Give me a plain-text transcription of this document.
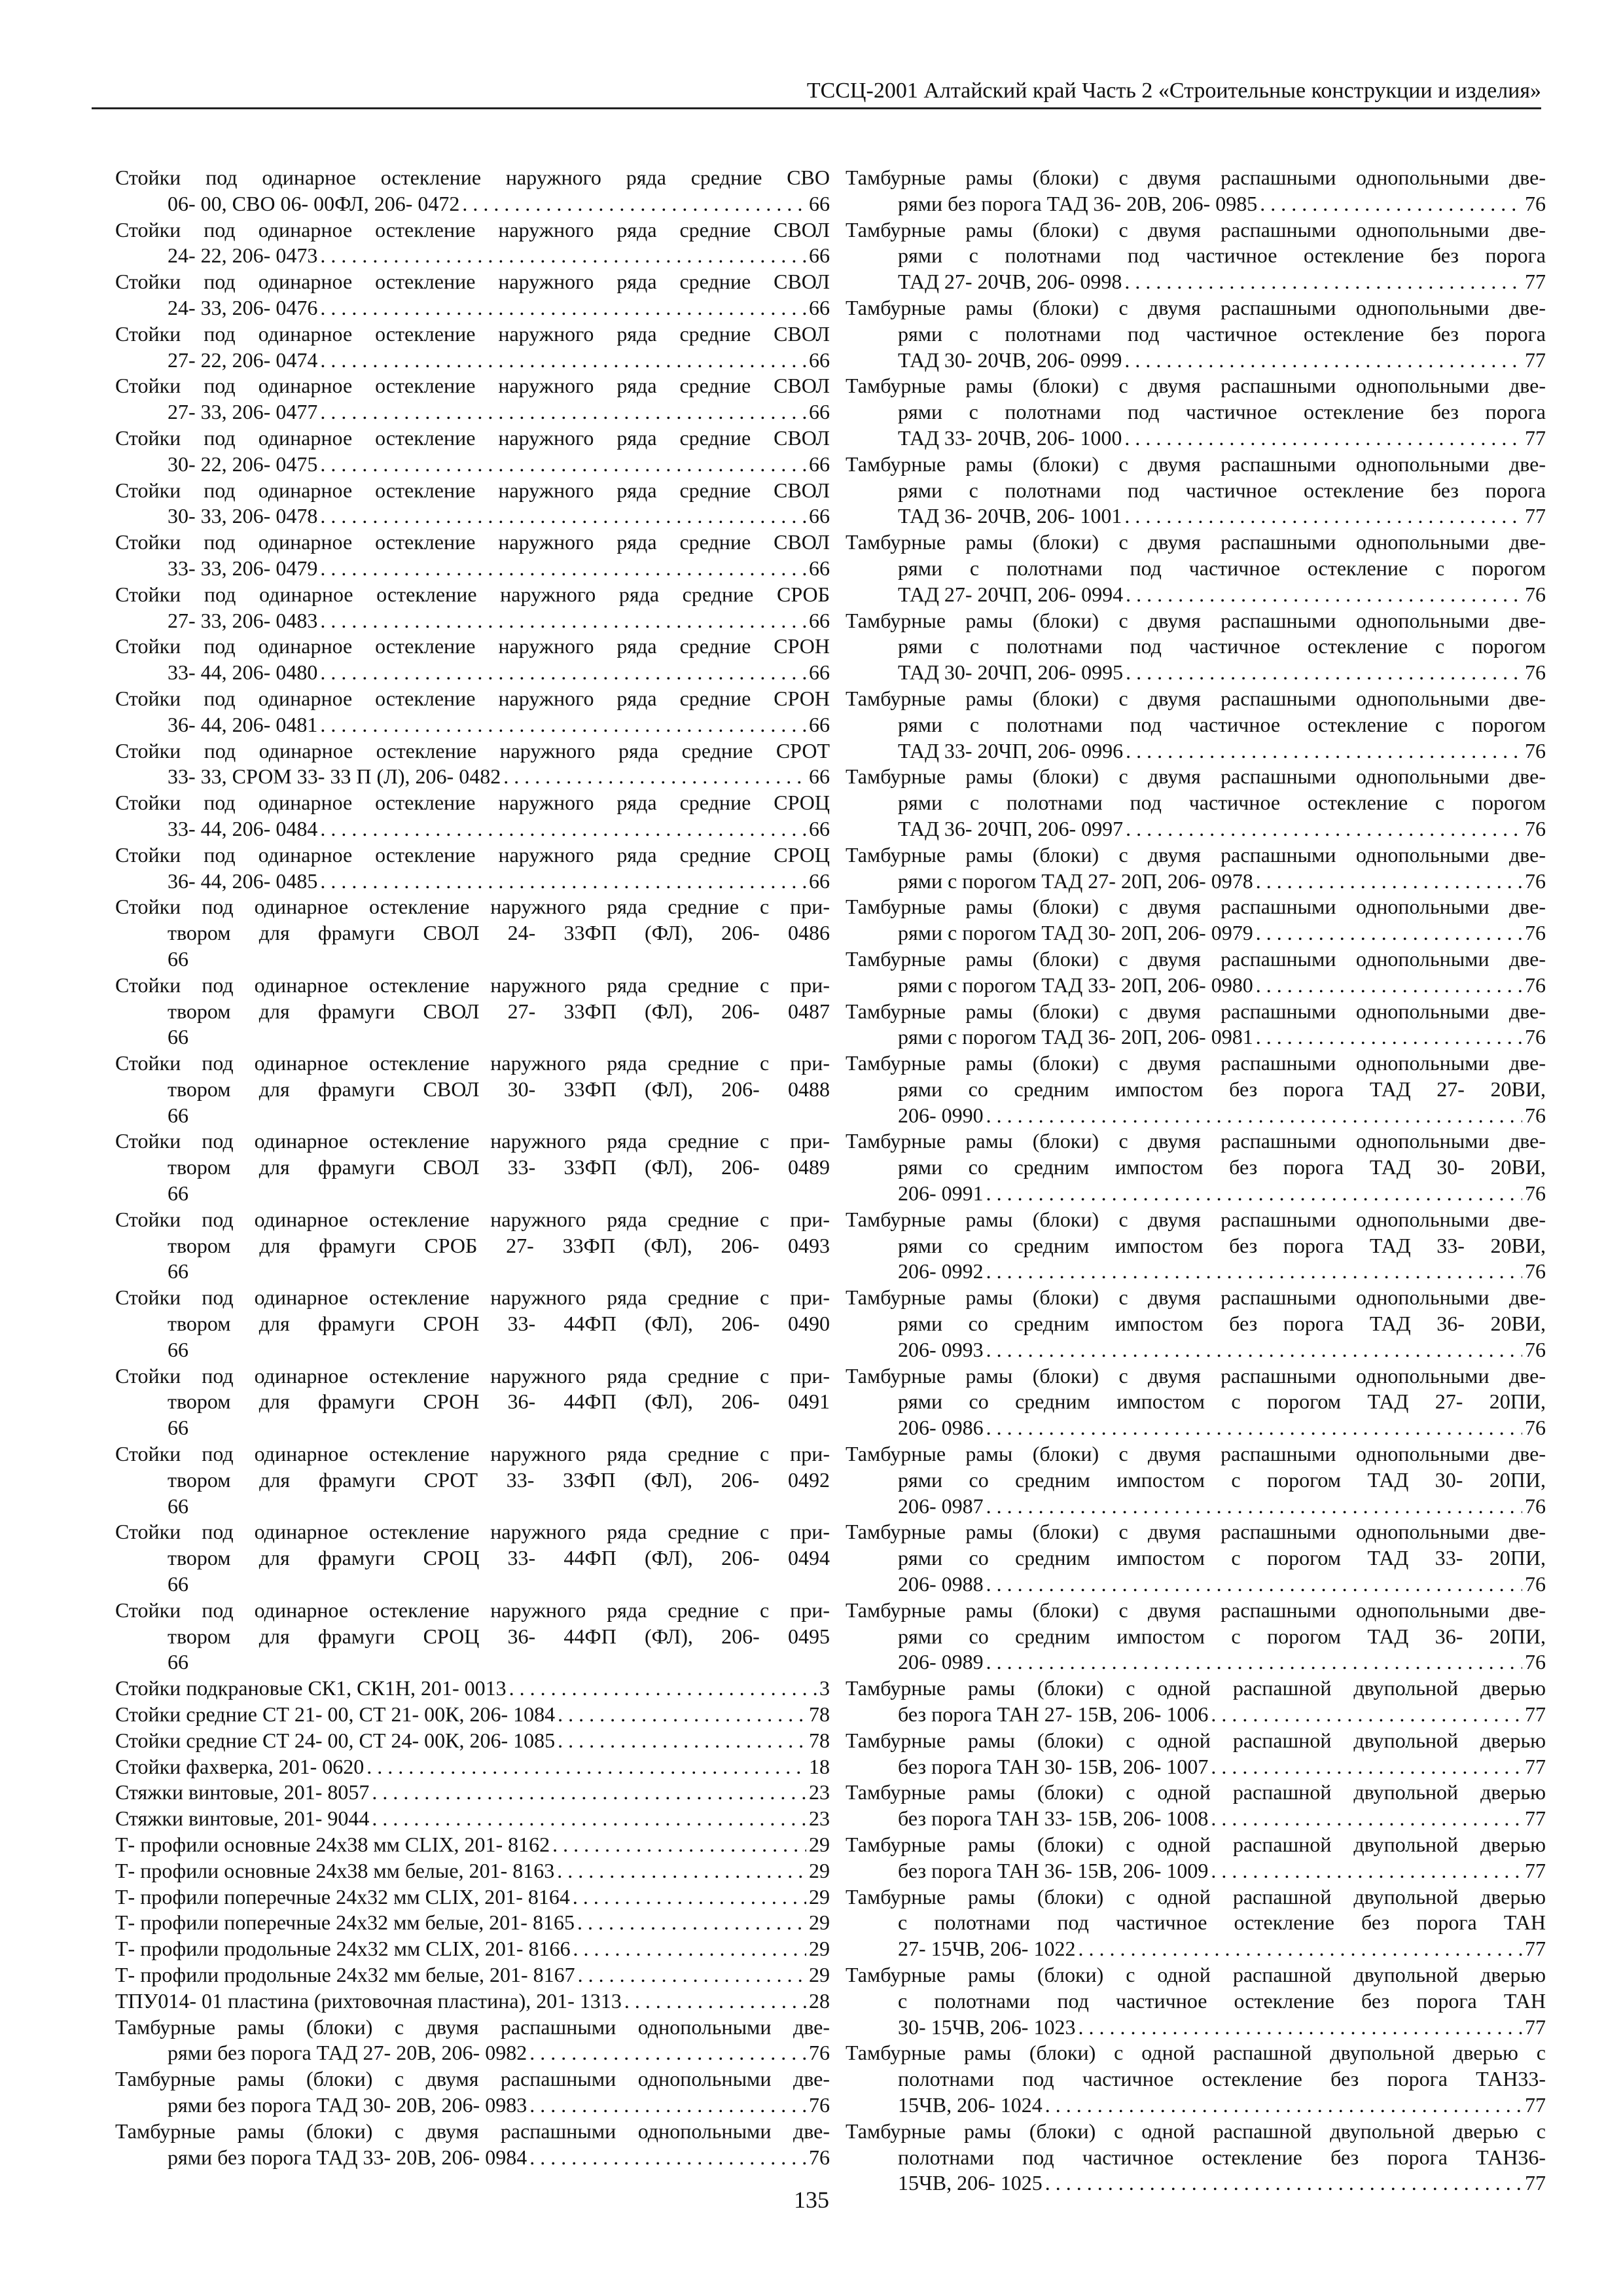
ТССЦ-2001 Алтайский край Часть 2 «Строительные конструкции и изделия»
Стойки под одинарное остекление наружного ряда средние СВО
06- 00, СВО 06- 00ФЛ, 206- 0472 . . .	66
Стойки под одинарное остекление наружного ряда средние СВОЛ
24- 22, 206- 0473 . . .	66
Стойки под одинарное остекление наружного ряда средние СВОЛ
24- 33, 206- 0476 . . .	66
Стойки под одинарное остекление наружного ряда средние СВОЛ
27- 22, 206- 0474 . . .	66
Стойки под одинарное остекление наружного ряда средние СВОЛ
27- 33, 206- 0477 . . .	66
Стойки под одинарное остекление наружного ряда средние СВОЛ
30- 22, 206- 0475 . . .	66
Стойки под одинарное остекление наружного ряда средние СВОЛ
30- 33, 206- 0478 . . .	66
Стойки под одинарное остекление наружного ряда средние СВОЛ
33- 33, 206- 0479 . . .	66
Стойки под одинарное остекление наружного ряда средние СРОБ
27- 33, 206- 0483 . . .	66
Стойки под одинарное остекление наружного ряда средние СРОН
33- 44, 206- 0480 . . .	66
Стойки под одинарное остекление наружного ряда средние СРОН
36- 44, 206- 0481 . . .	66
Стойки под одинарное остекление наружного ряда средние СРОТ
33- 33, СРОМ 33- 33 П (Л), 206- 0482 . . .	66
Стойки под одинарное остекление наружного ряда средние СРОЦ
33- 44, 206- 0484 . . .	66
Стойки под одинарное остекление наружного ряда средние СРОЦ
36- 44, 206- 0485 . . .	66
Стойки под одинарное остекление наружного ряда средние с при-
твором для фрамуги СВОЛ 24- 33ФП (ФЛ), 206- 0486
66
Стойки под одинарное остекление наружного ряда средние с при-
твором для фрамуги СВОЛ 27- 33ФП (ФЛ), 206- 0487
66
Стойки под одинарное остекление наружного ряда средние с при-
твором для фрамуги СВОЛ 30- 33ФП (ФЛ), 206- 0488
66
Стойки под одинарное остекление наружного ряда средние с при-
твором для фрамуги СВОЛ 33- 33ФП (ФЛ), 206- 0489
66
Стойки под одинарное остекление наружного ряда средние с при-
твором для фрамуги СРОБ 27- 33ФП (ФЛ), 206- 0493
66
Стойки под одинарное остекление наружного ряда средние с при-
твором для фрамуги СРОН 33- 44ФП (ФЛ), 206- 0490
66
Стойки под одинарное остекление наружного ряда средние с при-
твором для фрамуги СРОН 36- 44ФП (ФЛ), 206- 0491
66
Стойки под одинарное остекление наружного ряда средние с при-
твором для фрамуги СРОТ 33- 33ФП (ФЛ), 206- 0492
66
Стойки под одинарное остекление наружного ряда средние с при-
твором для фрамуги СРОЦ 33- 44ФП (ФЛ), 206- 0494
66
Стойки под одинарное остекление наружного ряда средние с при-
твором для фрамуги СРОЦ 36- 44ФП (ФЛ), 206- 0495
66
Стойки подкрановые СК1, СК1Н, 201- 0013 . . .	3
Стойки средние СТ 21- 00, СТ 21- 00К, 206- 1084 . . .	78
Стойки средние СТ 24- 00, СТ 24- 00К, 206- 1085 . . .	78
Стойки фахверка, 201- 0620 . . .	18
Стяжки винтовые, 201- 8057 . . .	23
Стяжки винтовые, 201- 9044 . . .	23
Т- профили основные 24х38 мм CLIX, 201- 8162 . . .	29
Т- профили основные 24х38 мм белые, 201- 8163 . . .	29
Т- профили поперечные 24х32 мм CLIX, 201- 8164 . . .	29
Т- профили поперечные 24х32 мм белые, 201- 8165 . . .	29
Т- профили продольные 24х32 мм CLIX, 201- 8166 . . .	29
Т- профили продольные 24х32 мм белые, 201- 8167 . . .	29
ТПУ014- 01 пластина (рихтовочная пластина), 201- 1313 . . .	28
Тамбурные рамы (блоки) с двумя распашными однопольными две-
рями без порога ТАД 27- 20В, 206- 0982 . . .	76
Тамбурные рамы (блоки) с двумя распашными однопольными две-
рями без порога ТАД 30- 20В, 206- 0983 . . .	76
Тамбурные рамы (блоки) с двумя распашными однопольными две-
рями без порога ТАД 33- 20В, 206- 0984 . . .	76
Тамбурные рамы (блоки) с двумя распашными однопольными две-
рями без порога ТАД 36- 20В, 206- 0985 . . .	76
Тамбурные рамы (блоки) с двумя распашными однопольными две-
рями с полотнами под частичное остекление без порога
ТАД 27- 20ЧВ, 206- 0998 . . .	77
Тамбурные рамы (блоки) с двумя распашными однопольными две-
рями с полотнами под частичное остекление без порога
ТАД 30- 20ЧВ, 206- 0999 . . .	77
Тамбурные рамы (блоки) с двумя распашными однопольными две-
рями с полотнами под частичное остекление без порога
ТАД 33- 20ЧВ, 206- 1000 . . .	77
Тамбурные рамы (блоки) с двумя распашными однопольными две-
рями с полотнами под частичное остекление без порога
ТАД 36- 20ЧВ, 206- 1001 . . .	77
Тамбурные рамы (блоки) с двумя распашными однопольными две-
рями с полотнами под частичное остекление с порогом
ТАД 27- 20ЧП, 206- 0994 . . .	76
Тамбурные рамы (блоки) с двумя распашными однопольными две-
рями с полотнами под частичное остекление с порогом
ТАД 30- 20ЧП, 206- 0995 . . .	76
Тамбурные рамы (блоки) с двумя распашными однопольными две-
рями с полотнами под частичное остекление с порогом
ТАД 33- 20ЧП, 206- 0996 . . .	76
Тамбурные рамы (блоки) с двумя распашными однопольными две-
рями с полотнами под частичное остекление с порогом
ТАД 36- 20ЧП, 206- 0997 . . .	76
Тамбурные рамы (блоки) с двумя распашными однопольными две-
рями с порогом ТАД 27- 20П, 206- 0978 . . .	76
Тамбурные рамы (блоки) с двумя распашными однопольными две-
рями с порогом ТАД 30- 20П, 206- 0979 . . .	76
Тамбурные рамы (блоки) с двумя распашными однопольными две-
рями с порогом ТАД 33- 20П, 206- 0980 . . .	76
Тамбурные рамы (блоки) с двумя распашными однопольными две-
рями с порогом ТАД 36- 20П, 206- 0981 . . .	76
Тамбурные рамы (блоки) с двумя распашными однопольными две-
рями со средним импостом без порога ТАД 27- 20ВИ,
206- 0990 . . .	76
Тамбурные рамы (блоки) с двумя распашными однопольными две-
рями со средним импостом без порога ТАД 30- 20ВИ,
206- 0991 . . .	76
Тамбурные рамы (блоки) с двумя распашными однопольными две-
рями со средним импостом без порога ТАД 33- 20ВИ,
206- 0992 . . .	76
Тамбурные рамы (блоки) с двумя распашными однопольными две-
рями со средним импостом без порога ТАД 36- 20ВИ,
206- 0993 . . .	76
Тамбурные рамы (блоки) с двумя распашными однопольными две-
рями со средним импостом с порогом ТАД 27- 20ПИ,
206- 0986 . . .	76
Тамбурные рамы (блоки) с двумя распашными однопольными две-
рями со средним импостом с порогом ТАД 30- 20ПИ,
206- 0987 . . .	76
Тамбурные рамы (блоки) с двумя распашными однопольными две-
рями со средним импостом с порогом ТАД 33- 20ПИ,
206- 0988 . . .	76
Тамбурные рамы (блоки) с двумя распашными однопольными две-
рями со средним импостом с порогом ТАД 36- 20ПИ,
206- 0989 . . .	76
Тамбурные рамы (блоки) с одной распашной двупольной дверью
без порога ТАН 27- 15В, 206- 1006 . . .	77
Тамбурные рамы (блоки) с одной распашной двупольной дверью
без порога ТАН 30- 15В, 206- 1007 . . .	77
Тамбурные рамы (блоки) с одной распашной двупольной дверью
без порога ТАН 33- 15В, 206- 1008 . . .	77
Тамбурные рамы (блоки) с одной распашной двупольной дверью
без порога ТАН 36- 15В, 206- 1009 . . .	77
Тамбурные рамы (блоки) с одной распашной двупольной дверью
с полотнами под частичное остекление без порога ТАН
27- 15ЧВ, 206- 1022 . . .	77
Тамбурные рамы (блоки) с одной распашной двупольной дверью
с полотнами под частичное остекление без порога ТАН
30- 15ЧВ, 206- 1023 . . .	77
Тамбурные рамы (блоки) с одной распашной двупольной дверью с
полотнами под частичное остекление без порога ТАН33-
15ЧВ, 206- 1024 . . .	77
Тамбурные рамы (блоки) с одной распашной двупольной дверью с
полотнами под частичное остекление без порога ТАН36-
15ЧВ, 206- 1025 . . .	77
135
